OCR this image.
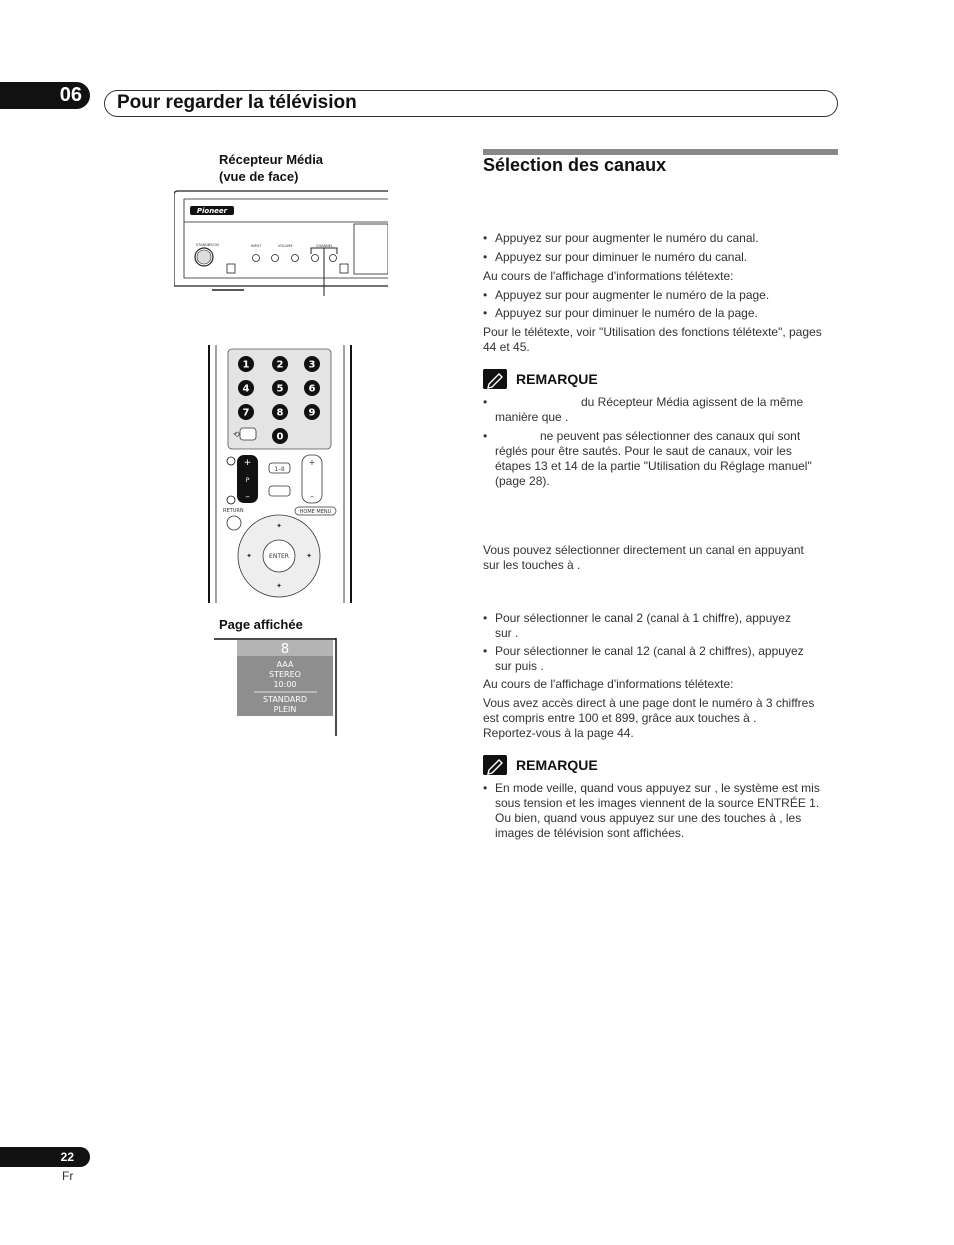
06	Pour regarder la télévision
Récepteur Média
(vue de face)
Pioneer
STANDBY/ON	INPUT	VOLUME	CHANNEL
1	2	3
4	5	6
7	8	9
0
⟲
+
P
–
1–II
+
–
RETURN	HOME MENU
ENTER
✦
✦
✦	✦
Page affichée
8
AAA
STEREO
10:00
STANDARD
PLEIN
Sélection des canaux
• Appuyez sur pour augmenter le numéro du canal.
• Appuyez sur pour diminuer le numéro du canal.
Au cours de l'affichage d'informations télétexte:
• Appuyez sur pour augmenter le numéro de la page.
• Appuyez sur pour diminuer le numéro de la page.
Pour le télétexte, voir "Utilisation des fonctions télétexte", pages
44 et 45.
REMARQUE
• du Récepteur Média agissent de la même
manière que .
• ne peuvent pas sélectionner des canaux qui sont
réglés pour être sautés. Pour le saut de canaux, voir les
étapes 13 et 14 de la partie "Utilisation du Réglage manuel"
(page 28).
Vous pouvez sélectionner directement un canal en appuyant
sur les touches à .
• Pour sélectionner le canal 2 (canal à 1 chiffre), appuyez
sur .
• Pour sélectionner le canal 12 (canal à 2 chiffres), appuyez
sur puis .
Au cours de l'affichage d'informations télétexte:
Vous avez accès direct à une page dont le numéro à 3 chiffres
est compris entre 100 et 899, grâce aux touches à .
Reportez-vous à la page 44.
REMARQUE
• En mode veille, quand vous appuyez sur , le système est mis
sous tension et les images viennent de la source ENTRÉE 1.
Ou bien, quand vous appuyez sur une des touches à , les
images de télévision sont affichées.
22
Fr
